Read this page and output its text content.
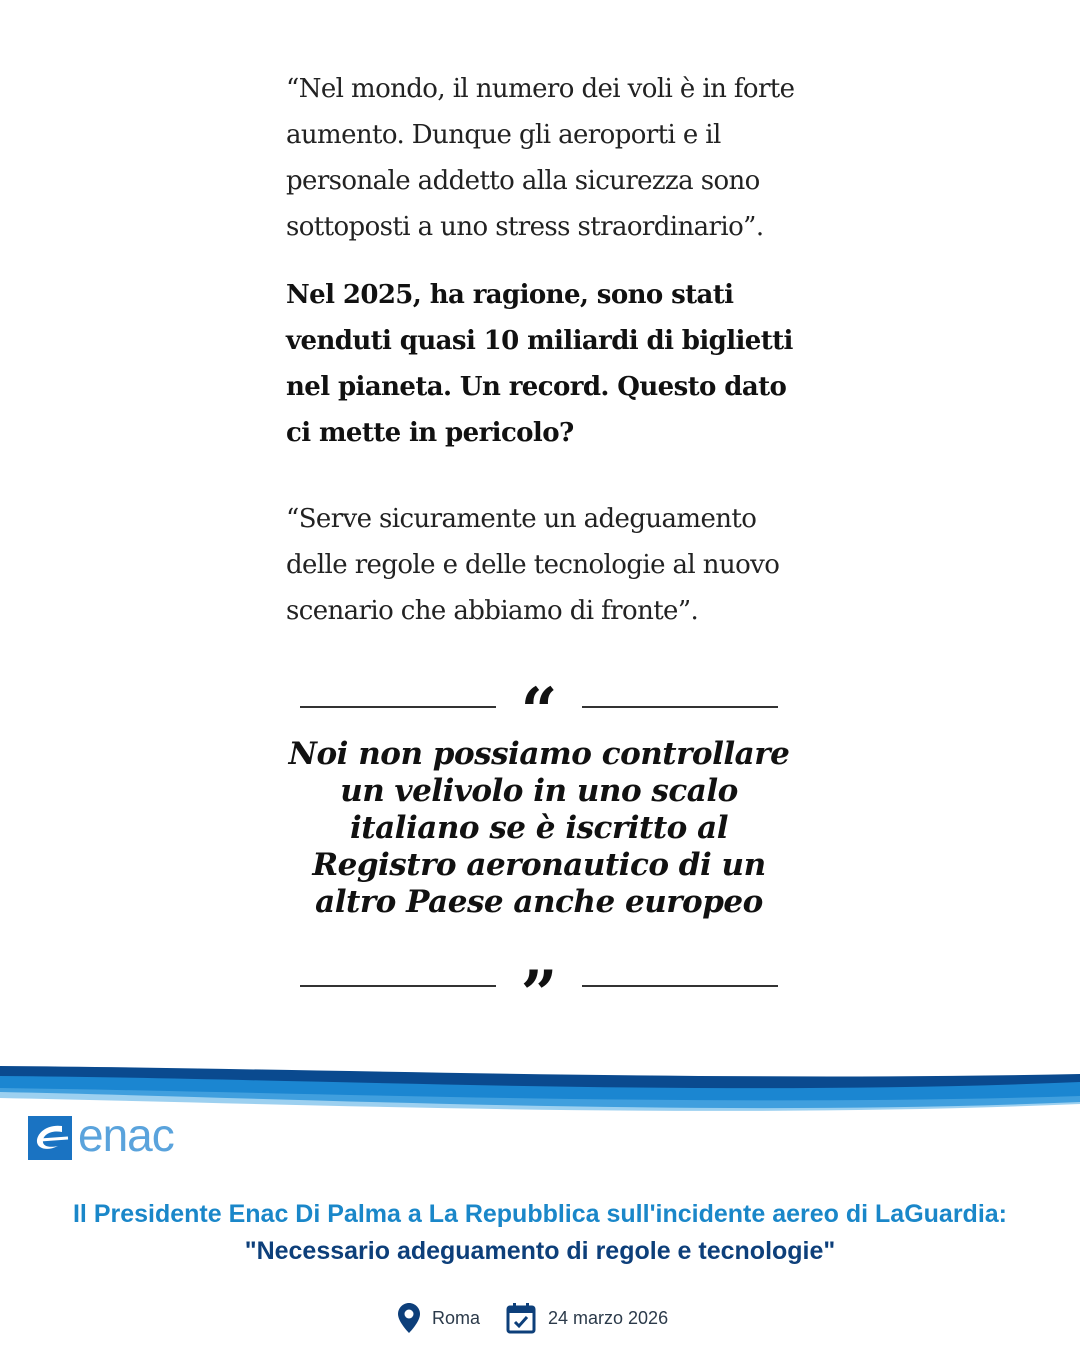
“Nel mondo, il numero dei voli è in forte aumento. Dunque gli aeroporti e il personale addetto alla sicurezza sono sottoposti a uno stress straordinario”.

Nel 2025, ha ragione, sono stati venduti quasi 10 miliardi di biglietti nel pianeta. Un record. Questo dato ci mette in pericolo?

“Serve sicuramente un adeguamento delle regole e delle tecnologie al nuovo scenario che abbiamo di fronte”.

“

Noi non possiamo controllare un velivolo in uno scalo italiano se è iscritto al Registro aeronautico di un altro Paese anche europeo

”
enac
Il Presidente Enac Di Palma a La Repubblica sull'incidente aereo di LaGuardia:
"Necessario adeguamento di regole e tecnologie"
Roma	24 marzo 2026
